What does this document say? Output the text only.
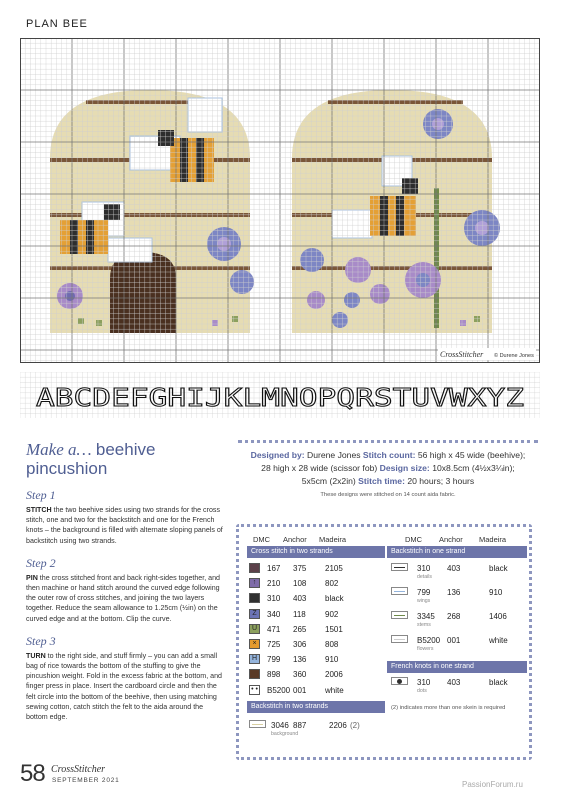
PLAN BEE
CrossStitcher © Durene Jones
ABCDEFGHIJKLMNOPQRSTUVWXYZ
Make a… beehive
pincushion
Step 1

STITCH the two beehive sides using two strands for the cross stitch, one and two for the backstitch and one for the French knots – the background is filled with alternate sloping panels of backstitch using two strands.

Step 2

PIN the cross stitched front and back right-sides together, and then machine or hand stitch around the curved edge following the outer row of cross stitches, and joining the two layers together. Reduce the seam allowance to 1.25cm (½in) on the curved edge and at the bottom. Clip the curve.

Step 3

TURN to the right side, and stuff firmly – you can add a small bag of rice towards the bottom of the stuffing to give the pincushion weight. Fold in the excess fabric at the bottom, and finger press in place. Insert the cardboard circle and then the felt circle into the bottom of the beehive, then using matching sewing cotton, catch stitch the felt to the aida around the bottom edge.

Designed by: Durene Jones Stitch count: 56 high x 45 wide (beehive);

28 high x 28 wide (scissor fob) Design size: 10x8.5cm (4½x3¼in);

5x5cm (2x2in) Stitch time: 20 hours; 3 hours

These designs were stitched on 14 count aida fabric.
DMC Anchor Madeira	DMC Anchor Madeira
Cross stitch in two strands
167 375 2105
↑	210 108 802
310 403 black
Z	340 118 902
U	471 265 1501
×	725 306 808
H	799 136 910
898 360 2006
• • B5200 001 white
Backstitch in two strands
3046 887	2206 (2)
background
Backstitch in one strand
310 403	black
details
799 136	910
wings
3345 268	1406
stems
B5200 001	white
flowers
French knots in one strand
310 403	black
dots
(2) indicates more than one skein is required
58 CrossStitcher
SEPTEMBER 2021	PassionForum.ru
